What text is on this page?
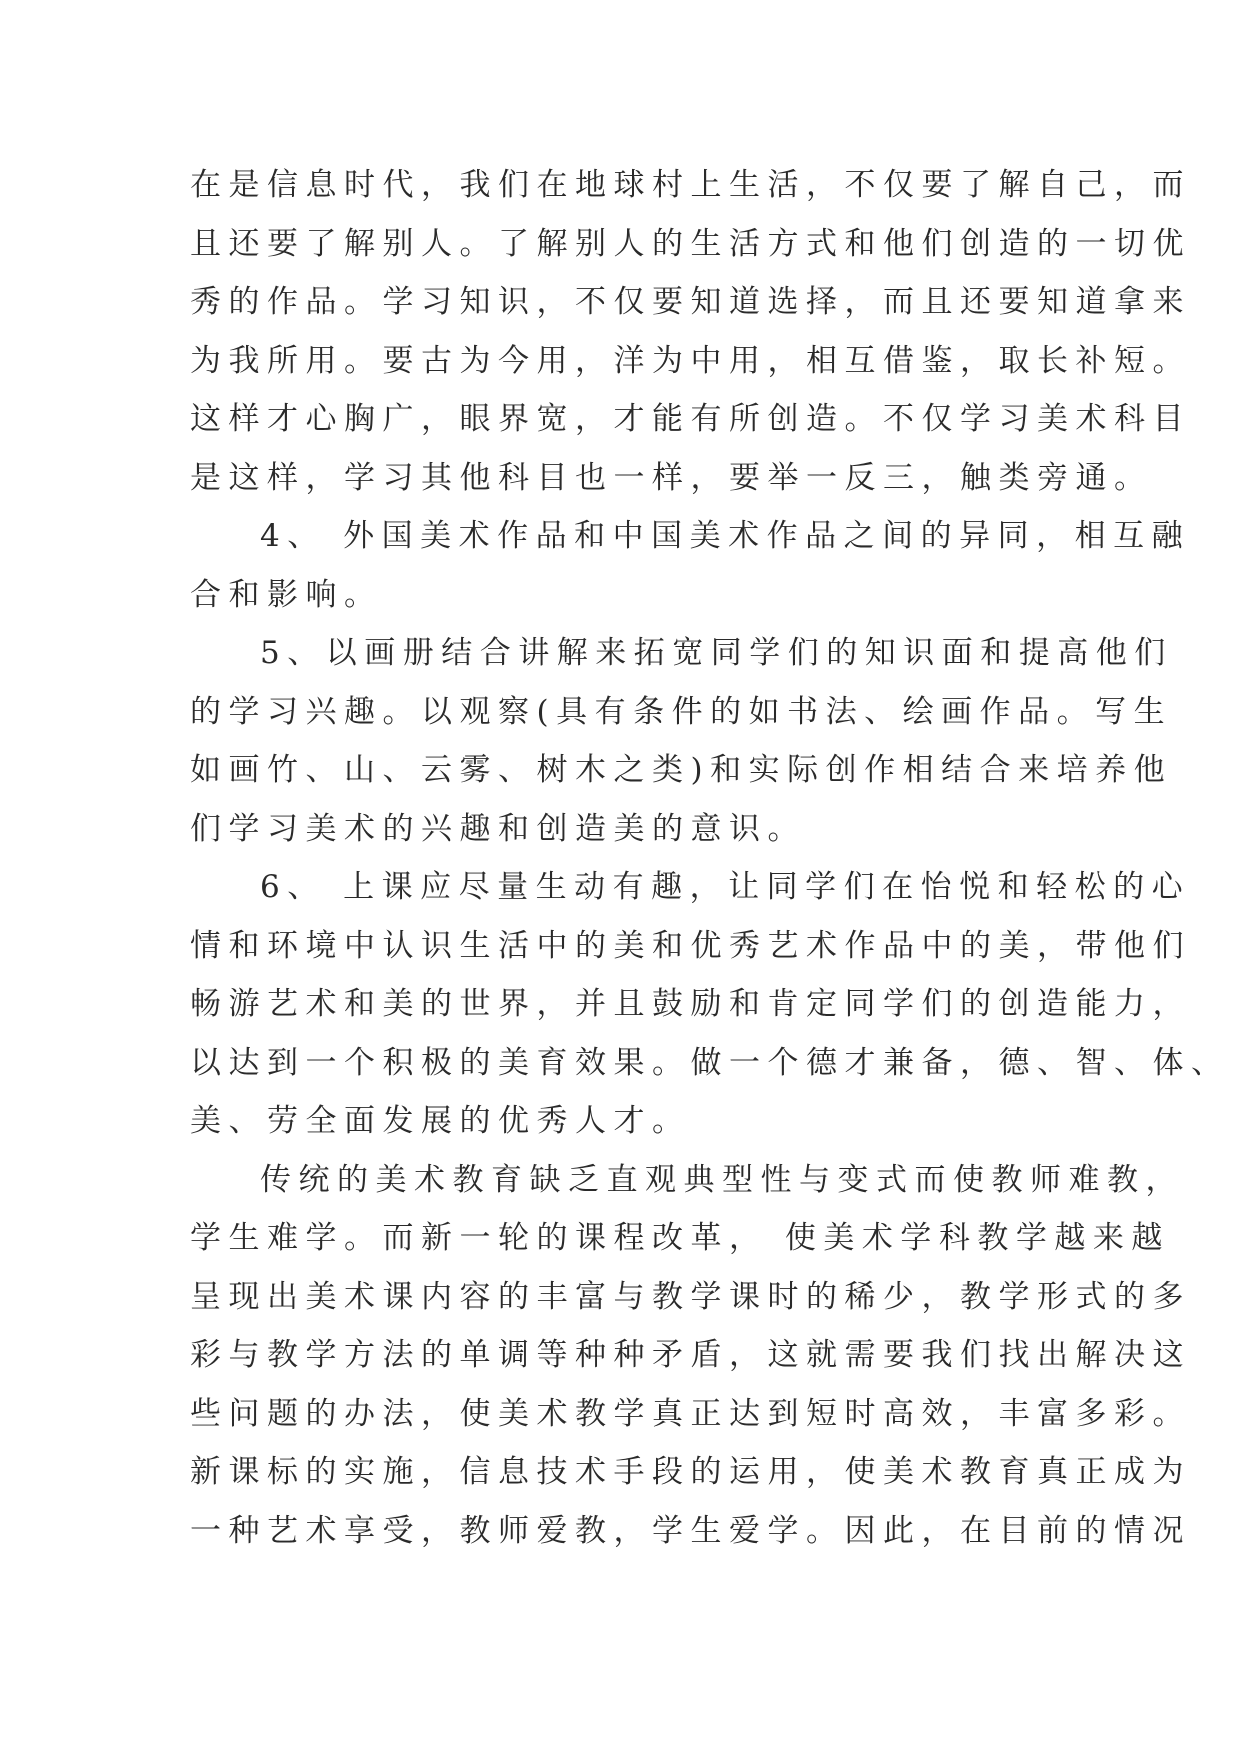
在是信息时代，我们在地球村上生活，不仅要了解自己，而
且还要了解别人。了解别人的生活方式和他们创造的一切优
秀的作品。学习知识，不仅要知道选择，而且还要知道拿来
为我所用。要古为今用，洋为中用，相互借鉴，取长补短。
这样才心胸广，眼界宽，才能有所创造。不仅学习美术科目
是这样，学习其他科目也一样，要举一反三，触类旁通。
4、 外国美术作品和中国美术作品之间的异同，相互融
合和影响。
5、以画册结合讲解来拓宽同学们的知识面和提高他们
的学习兴趣。以观察(具有条件的如书法、绘画作品。写生
如画竹、山、云雾、树木之类)和实际创作相结合来培养他
们学习美术的兴趣和创造美的意识。
6、 上课应尽量生动有趣，让同学们在怡悦和轻松的心
情和环境中认识生活中的美和优秀艺术作品中的美，带他们
畅游艺术和美的世界，并且鼓励和肯定同学们的创造能力，
以达到一个积极的美育效果。做一个德才兼备，德、智、体、
美、劳全面发展的优秀人才。
传统的美术教育缺乏直观典型性与变式而使教师难教，
学生难学。而新一轮的课程改革， 使美术学科教学越来越
呈现出美术课内容的丰富与教学课时的稀少，教学形式的多
彩与教学方法的单调等种种矛盾，这就需要我们找出解决这
些问题的办法，使美术教学真正达到短时高效，丰富多彩。
新课标的实施，信息技术手段的运用，使美术教育真正成为
一种艺术享受，教师爱教，学生爱学。因此，在目前的情况
